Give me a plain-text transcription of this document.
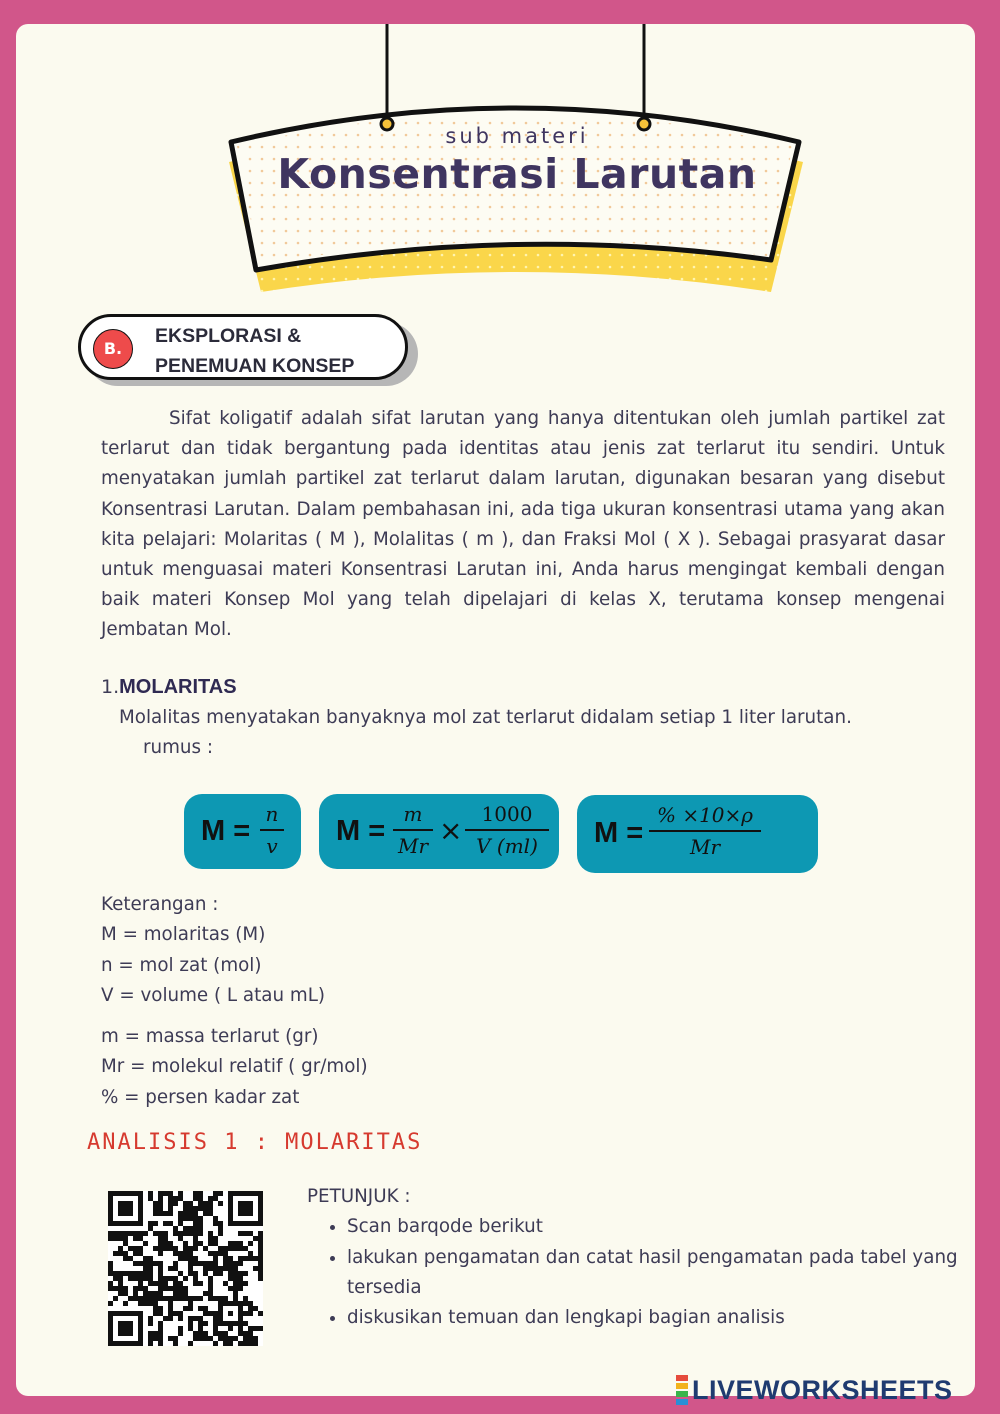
sub materi
Konsentrasi Larutan
B.
EKSPLORASI &
PENEMUAN KONSEP
Sifat koligatif adalah sifat larutan yang hanya ditentukan oleh jumlah partikel zat terlarut dan tidak bergantung pada identitas atau jenis zat terlarut itu sendiri. Untuk menyatakan jumlah partikel zat terlarut dalam larutan, digunakan besaran yang disebut Konsentrasi Larutan. Dalam pembahasan ini, ada tiga ukuran konsentrasi utama yang akan kita pelajari: Molaritas ( M ), Molalitas ( m ), dan Fraksi Mol ( X ). Sebagai prasyarat dasar untuk menguasai materi Konsentrasi Larutan ini, Anda harus mengingat kembali dengan baik materi Konsep Mol yang telah dipelajari di kelas X, terutama konsep mengenai Jembatan Mol.
1.MOLARITAS
Molalitas menyatakan banyaknya mol zat terlarut didalam setiap 1 liter larutan.
rumus :
M =
n
v M =
m
Mr × 1000
V (ml)	M =
% ×10×ρ
Mr
Keterangan :
M = molaritas (M)
n = mol zat (mol)
V = volume ( L atau mL)
m = massa terlarut (gr)
Mr = molekul relatif ( gr/mol)
% = persen kadar zat
ANALISIS 1 : MOLARITAS
PETUNJUK :
• Scan barqode berikut
• lakukan pengamatan dan catat hasil pengamatan pada tabel yang tersedia
• diskusikan temuan dan lengkapi bagian analisis
LIVEWORKSHEETS
